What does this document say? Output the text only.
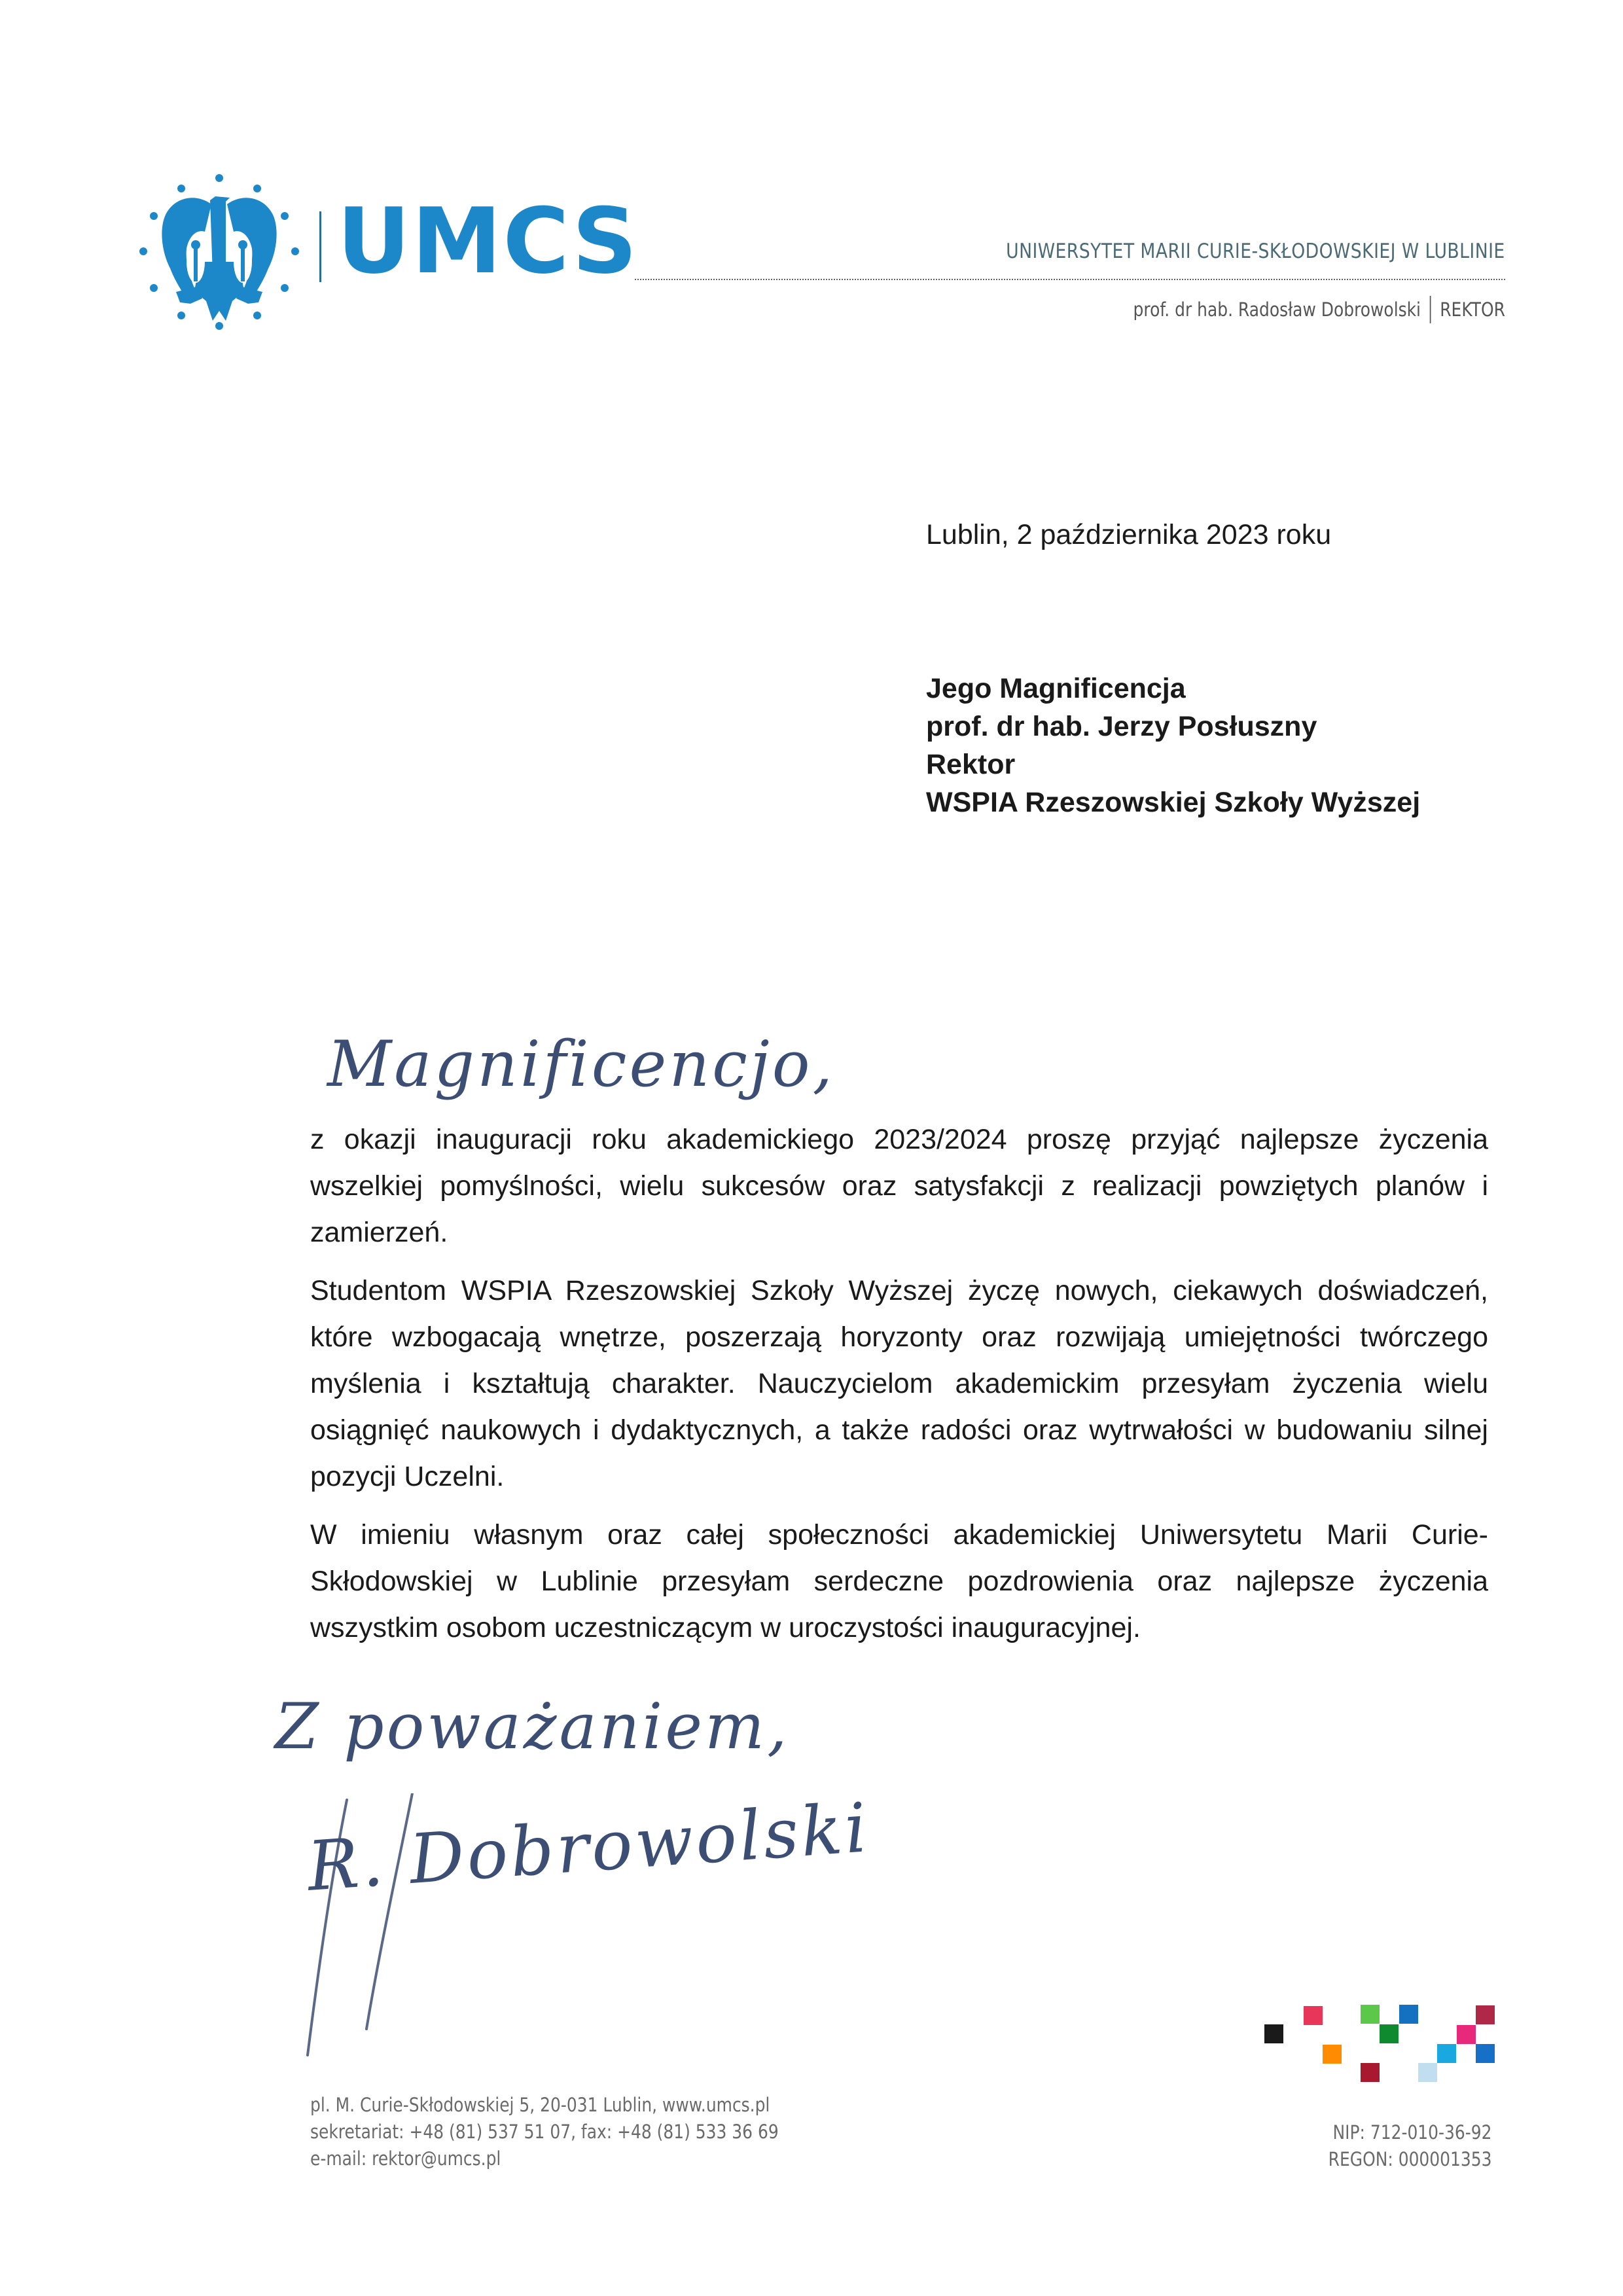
UMCS	UNIWERSYTET MARII CURIE-SKŁODOWSKIEJ W LUBLINIE
prof. dr hab. Radosław Dobrowolski REKTOR
Lublin, 2 października 2023 roku
Jego Magnificencja
prof. dr hab. Jerzy Posłuszny
Rektor
WSPIA Rzeszowskiej Szkoły Wyższej
Magnificencjo,

z okazji inauguracji roku akademickiego 2023/2024 proszę przyjąć najlepsze życzenia wszelkiej pomyślności, wielu sukcesów oraz satysfakcji z realizacji powziętych planów i zamierzeń.

Studentom WSPIA Rzeszowskiej Szkoły Wyższej życzę nowych, ciekawych doświadczeń, które wzbogacają wnętrze, poszerzają horyzonty oraz rozwijają umiejętności twórczego myślenia i kształtują charakter. Nauczycielom akademickim przesyłam życzenia wielu osiągnięć naukowych i dydaktycznych, a także radości oraz wytrwałości w budowaniu silnej pozycji Uczelni.

W imieniu własnym oraz całej społeczności akademickiej Uniwersytetu Marii Curie-Skłodowskiej w Lublinie przesyłam serdeczne pozdrowienia oraz najlepsze życzenia wszystkim osobom uczestniczącym w uroczystości inauguracyjnej.

Z poważaniem,
R. Dobrowolski
pl. M. Curie-Skłodowskiej 5, 20-031 Lublin, www.umcs.pl
sekretariat: +48 (81) 537 51 07, fax: +48 (81) 533 36 69
e-mail: rektor@umcs.pl
NIP: 712-010-36-92
REGON: 000001353
